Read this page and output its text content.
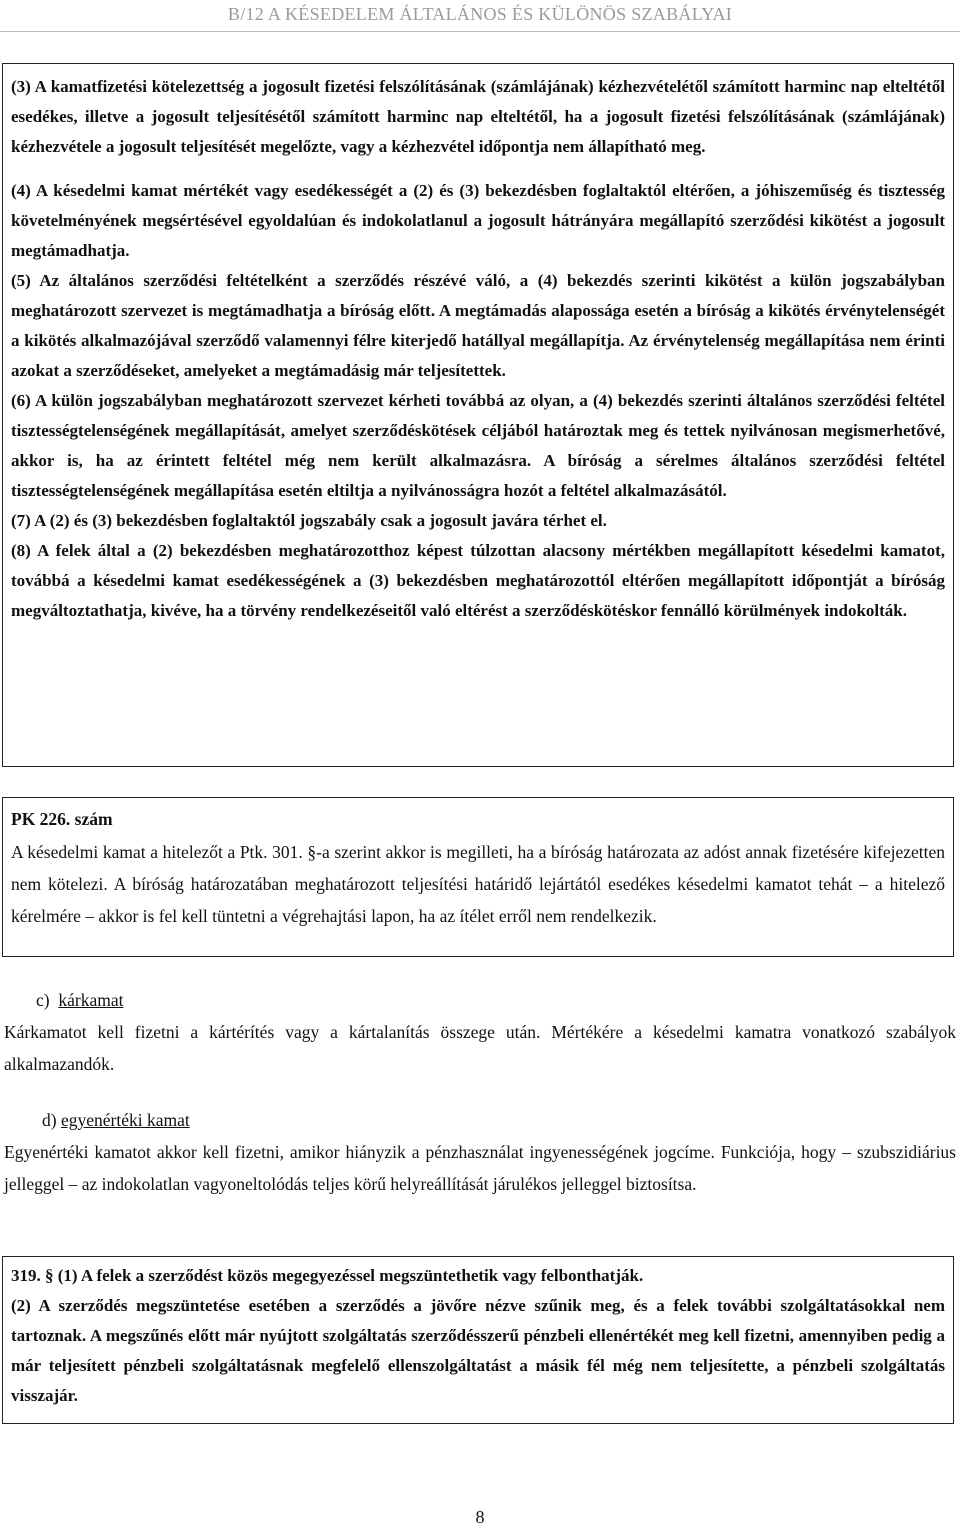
B/12 A KÉSEDELEM ÁLTALÁNOS ÉS KÜLÖNÖS SZABÁLYAI

(3) A kamatfizetési kötelezettség a jogosult fizetési felszólításának (számlájának) kézhezvételétől számított harminc nap elteltétől esedékes, illetve a jogosult teljesítésétől számított harminc nap elteltétől, ha a jogosult fizetési felszólításának (számlájának) kézhezvétele a jogosult teljesítését megelőzte, vagy a kézhezvétel időpontja nem állapítható meg.

(4) A késedelmi kamat mértékét vagy esedékességét a (2) és (3) bekezdésben foglaltaktól eltérően, a jóhiszeműség és tisztesség követelményének megsértésével egyoldalúan és indokolatlanul a jogosult hátrányára megállapító szerződési kikötést a jogosult megtámadhatja.

(5) Az általános szerződési feltételként a szerződés részévé váló, a (4) bekezdés szerinti kikötést a külön jogszabályban meghatározott szervezet is megtámadhatja a bíróság előtt. A megtámadás alapossága esetén a bíróság a kikötés érvénytelenségét a kikötés alkalmazójával szerződő valamennyi félre kiterjedő hatállyal megállapítja. Az érvénytelenség megállapítása nem érinti azokat a szerződéseket, amelyeket a megtámadásig már teljesítettek.

(6) A külön jogszabályban meghatározott szervezet kérheti továbbá az olyan, a (4) bekezdés szerinti általános szerződési feltétel tisztességtelenségének megállapítását, amelyet szerződéskötések céljából határoztak meg és tettek nyilvánosan megismerhetővé, akkor is, ha az érintett feltétel még nem került alkalmazásra. A bíróság a sérelmes általános szerződési feltétel tisztességtelenségének megállapítása esetén eltiltja a nyilvánosságra hozót a feltétel alkalmazásától.

(7) A (2) és (3) bekezdésben foglaltaktól jogszabály csak a jogosult javára térhet el.

(8) A felek által a (2) bekezdésben meghatározotthoz képest túlzottan alacsony mértékben megállapított késedelmi kamatot, továbbá a késedelmi kamat esedékességének a (3) bekezdésben meghatározottól eltérően megállapított időpontját a bíróság megváltoztathatja, kivéve, ha a törvény rendelkezéseitől való eltérést a szerződéskötéskor fennálló körülmények indokolták.

PK 226. szám

A késedelmi kamat a hitelezőt a Ptk. 301. §-a szerint akkor is megilleti, ha a bíróság határozata az adóst annak fizetésére kifejezetten nem kötelezi. A bíróság határozatában meghatározott teljesítési határidő lejártától esedékes késedelmi kamatot tehát – a hitelező kérelmére – akkor is fel kell tüntetni a végrehajtási lapon, ha az ítélet erről nem rendelkezik.

c) kárkamat

Kárkamatot kell fizetni a kártérítés vagy a kártalanítás összege után. Mértékére a késedelmi kamatra vonatkozó szabályok alkalmazandók.

d) egyenértéki kamat

Egyenértéki kamatot akkor kell fizetni, amikor hiányzik a pénzhasználat ingyenességének jogcíme. Funkciója, hogy – szubszidiárius jelleggel – az indokolatlan vagyoneltolódás teljes körű helyreállítását járulékos jelleggel biztosítsa.

319. § (1) A felek a szerződést közös megegyezéssel megszüntethetik vagy felbonthatják.

(2) A szerződés megszüntetése esetében a szerződés a jövőre nézve szűnik meg, és a felek további szolgáltatásokkal nem tartoznak. A megszűnés előtt már nyújtott szolgáltatás szerződésszerű pénzbeli ellenértékét meg kell fizetni, amennyiben pedig a már teljesített pénzbeli szolgáltatásnak megfelelő ellenszolgáltatást a másik fél még nem teljesítette, a pénzbeli szolgáltatás visszajár.

8
